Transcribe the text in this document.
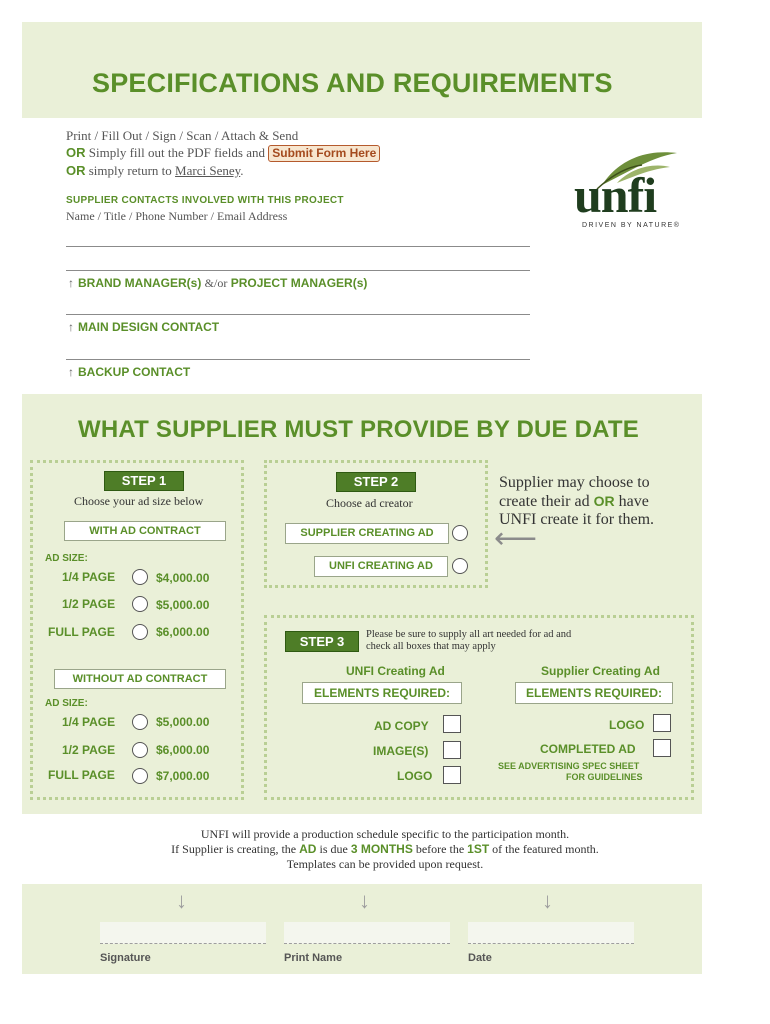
SPECIFICATIONS AND REQUIREMENTS
Print / Fill Out / Sign / Scan / Attach & Send
OR Simply fill out the PDF fields and Submit Form Here
OR simply return to Marci Seney.	unfi
DRIVEN BY NATURE®
SUPPLIER CONTACTS INVOLVED WITH THIS PROJECT
Name / Title / Phone Number / Email Address
↑ BRAND MANAGER(s) &/or PROJECT MANAGER(s)
↑ MAIN DESIGN CONTACT
↑ BACKUP CONTACT
WHAT SUPPLIER MUST PROVIDE BY DUE DATE
STEP 1
Choose your ad size below
WITH AD CONTRACT
AD SIZE:
1/4 PAGE	$4,000.00
1/2 PAGE	$5,000.00
FULL PAGE	$6,000.00
WITHOUT AD CONTRACT
AD SIZE:
1/4 PAGE	$5,000.00
1/2 PAGE	$6,000.00
FULL PAGE	$7,000.00
STEP 2
Choose ad creator
SUPPLIER CREATING AD
UNFI CREATING AD
Supplier may choose to create their ad OR have UNFI create it for them.
⟵
STEP 3	Please be sure to supply all art needed for ad and check all boxes that may apply
UNFI Creating Ad	Supplier Creating Ad
ELEMENTS REQUIRED:	ELEMENTS REQUIRED:
AD COPY
IMAGE(S)
LOGO
LOGO
COMPLETED AD
SEE ADVERTISING SPEC SHEET
FOR GUIDELINES
UNFI will provide a production schedule specific to the participation month.
If Supplier is creating, the AD is due 3 MONTHS before the 1ST of the featured month.
Templates can be provided upon request.
↓	↓	↓
Signature	Print Name	Date
